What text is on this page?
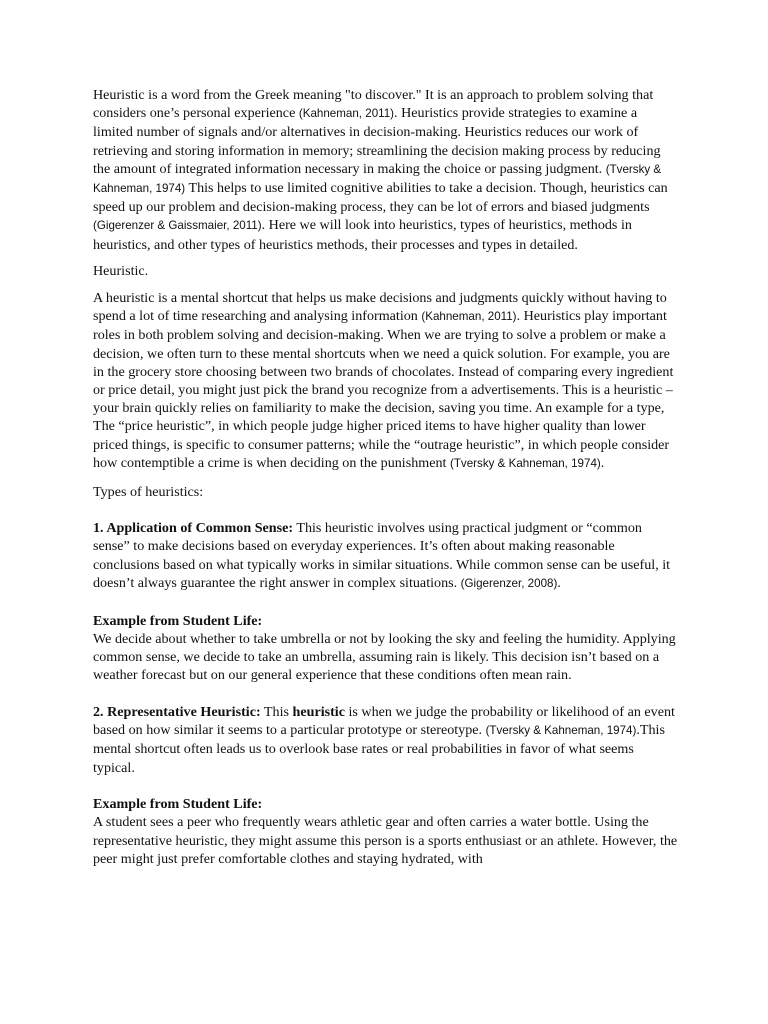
Heuristic is a word from the Greek meaning "to discover." It is an approach to problem solving that considers one’s personal experience (Kahneman, 2011). Heuristics provide strategies to examine a limited number of signals and/or alternatives in decision-making. Heuristics reduces our work of retrieving and storing information in memory; streamlining the decision making process by reducing the amount of integrated information necessary in making the choice or passing judgment. (Tversky & Kahneman, 1974) This helps to use limited cognitive abilities to take a decision. Though, heuristics can speed up our problem and decision-making process, they can be lot of errors and biased judgments (Gigerenzer & Gaissmaier, 2011). Here we will look into heuristics, types of heuristics, methods in heuristics, and other types of heuristics methods, their processes and types in detailed.

Heuristic.

A heuristic is a mental shortcut that helps us make decisions and judgments quickly without having to spend a lot of time researching and analysing information (Kahneman, 2011). Heuristics play important roles in both problem solving and decision-making. When we are trying to solve a problem or make a decision, we often turn to these mental shortcuts when we need a quick solution. For example, you are in the grocery store choosing between two brands of chocolates. Instead of comparing every ingredient or price detail, you might just pick the brand you recognize from a advertisements. This is a heuristic – your brain quickly relies on familiarity to make the decision, saving you time. An example for a type, The “price heuristic”, in which people judge higher priced items to have higher quality than lower priced things, is specific to consumer patterns; while the “outrage heuristic”, in which people consider how contemptible a crime is when deciding on the punishment (Tversky & Kahneman, 1974).

Types of heuristics:

1. Application of Common Sense: This heuristic involves using practical judgment or “common sense” to make decisions based on everyday experiences. It’s often about making reasonable conclusions based on what typically works in similar situations. While common sense can be useful, it doesn’t always guarantee the right answer in complex situations. (Gigerenzer, 2008).

Example from Student Life:

We decide about whether to take umbrella or not by looking the sky and feeling the humidity. Applying common sense, we decide to take an umbrella, assuming rain is likely. This decision isn’t based on a weather forecast but on our general experience that these conditions often mean rain.

2. Representative Heuristic: This heuristic is when we judge the probability or likelihood of an event based on how similar it seems to a particular prototype or stereotype. (Tversky & Kahneman, 1974).This mental shortcut often leads us to overlook base rates or real probabilities in favor of what seems typical.

Example from Student Life:

A student sees a peer who frequently wears athletic gear and often carries a water bottle. Using the representative heuristic, they might assume this person is a sports enthusiast or an athlete. However, the peer might just prefer comfortable clothes and staying hydrated, with
